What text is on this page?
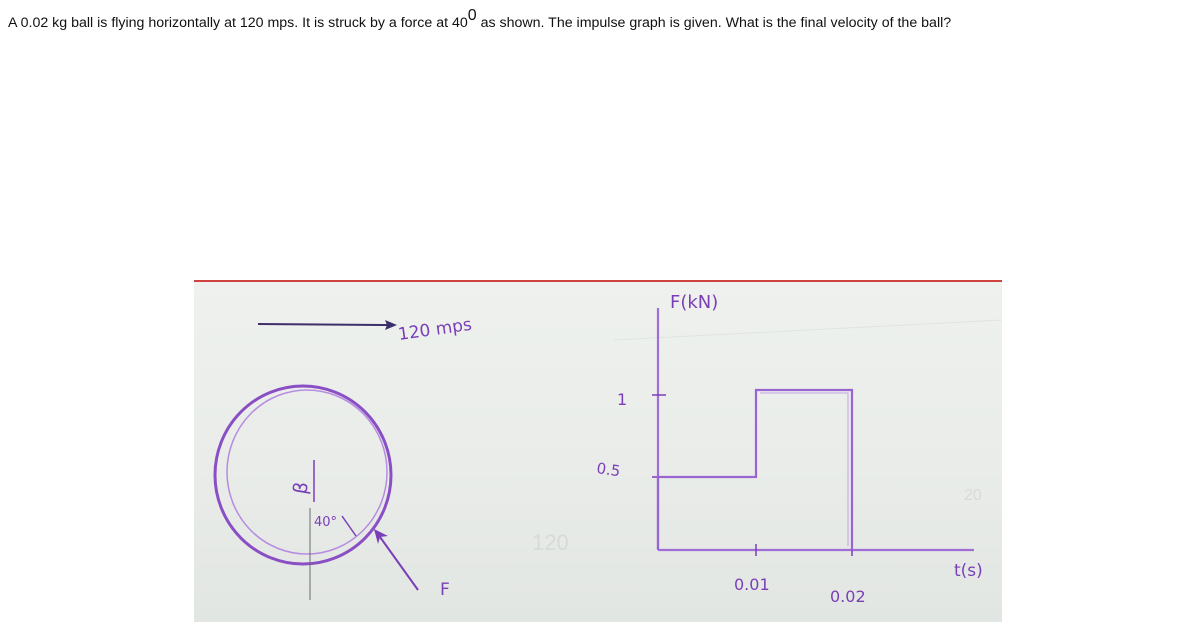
A 0.02 kg ball is flying horizontally at 120 mps. It is struck by a force at $40^0$ as shown. The impulse graph is given. What is the final velocity of the ball?
120
20
120 mps
β
40°
F
F(kN)
t(s)
1
0.5
0.01
0.02
